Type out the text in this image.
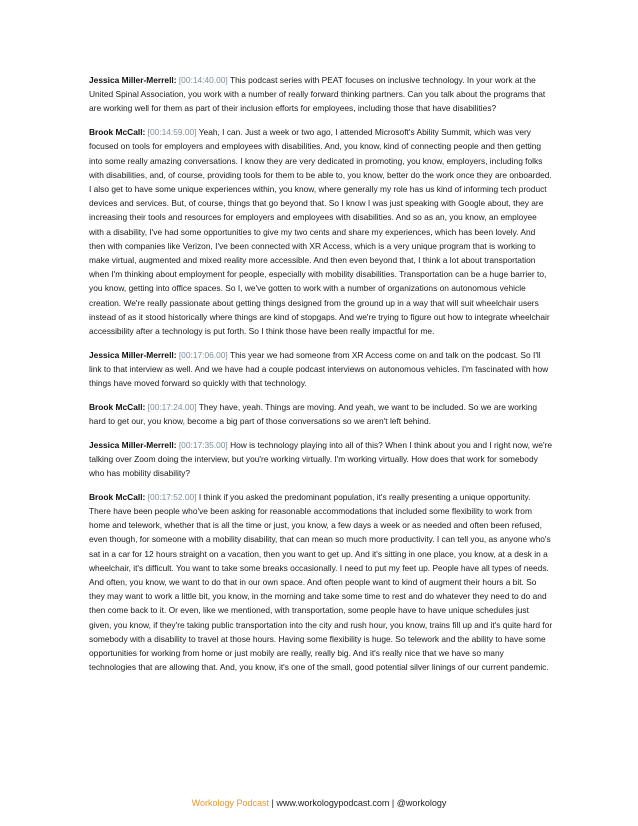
Jessica Miller-Merrell: [00:14:40.00] This podcast series with PEAT focuses on inclusive technology. In your work at the United Spinal Association, you work with a number of really forward thinking partners. Can you talk about the programs that are working well for them as part of their inclusion efforts for employees, including those that have disabilities?

Brook McCall: [00:14:59.00] Yeah, I can. Just a week or two ago, I attended Microsoft's Ability Summit, which was very focused on tools for employers and employees with disabilities. And, you know, kind of connecting people and then getting into some really amazing conversations. I know they are very dedicated in promoting, you know, employers, including folks with disabilities, and, of course, providing tools for them to be able to, you know, better do the work once they are onboarded. I also get to have some unique experiences within, you know, where generally my role has us kind of informing tech product devices and services. But, of course, things that go beyond that. So I know I was just speaking with Google about, they are increasing their tools and resources for employers and employees with disabilities. And so as an, you know, an employee with a disability, I've had some opportunities to give my two cents and share my experiences, which has been lovely. And then with companies like Verizon, I've been connected with XR Access, which is a very unique program that is working to make virtual, augmented and mixed reality more accessible. And then even beyond that, I think a lot about transportation when I'm thinking about employment for people, especially with mobility disabilities. Transportation can be a huge barrier to, you know, getting into office spaces. So I, we've gotten to work with a number of organizations on autonomous vehicle creation. We're really passionate about getting things designed from the ground up in a way that will suit wheelchair users instead of as it stood historically where things are kind of stopgaps. And we're trying to figure out how to integrate wheelchair accessibility after a technology is put forth. So I think those have been really impactful for me.

Jessica Miller-Merrell: [00:17:06.00] This year we had someone from XR Access come on and talk on the podcast. So I'll link to that interview as well. And we have had a couple podcast interviews on autonomous vehicles. I'm fascinated with how things have moved forward so quickly with that technology.

Brook McCall: [00:17:24.00] They have, yeah. Things are moving. And yeah, we want to be included. So we are working hard to get our, you know, become a big part of those conversations so we aren't left behind.

Jessica Miller-Merrell: [00:17:35.00] How is technology playing into all of this? When I think about you and I right now, we're talking over Zoom doing the interview, but you're working virtually. I'm working virtually. How does that work for somebody who has mobility disability?

Brook McCall: [00:17:52.00] I think if you asked the predominant population, it's really presenting a unique opportunity. There have been people who've been asking for reasonable accommodations that included some flexibility to work from home and telework, whether that is all the time or just, you know, a few days a week or as needed and often been refused, even though, for someone with a mobility disability, that can mean so much more productivity. I can tell you, as anyone who's sat in a car for 12 hours straight on a vacation, then you want to get up. And it's sitting in one place, you know, at a desk in a wheelchair, it's difficult. You want to take some breaks occasionally. I need to put my feet up. People have all types of needs. And often, you know, we want to do that in our own space. And often people want to kind of augment their hours a bit. So they may want to work a little bit, you know, in the morning and take some time to rest and do whatever they need to do and then come back to it. Or even, like we mentioned, with transportation, some people have to have unique schedules just given, you know, if they're taking public transportation into the city and rush hour, you know, trains fill up and it's quite hard for somebody with a disability to travel at those hours. Having some flexibility is huge. So telework and the ability to have some opportunities for working from home or just mobily are really, really big. And it's really nice that we have so many technologies that are allowing that. And, you know, it's one of the small, good potential silver linings of our current pandemic.

Workology Podcast | www.workologypodcast.com | @workology
